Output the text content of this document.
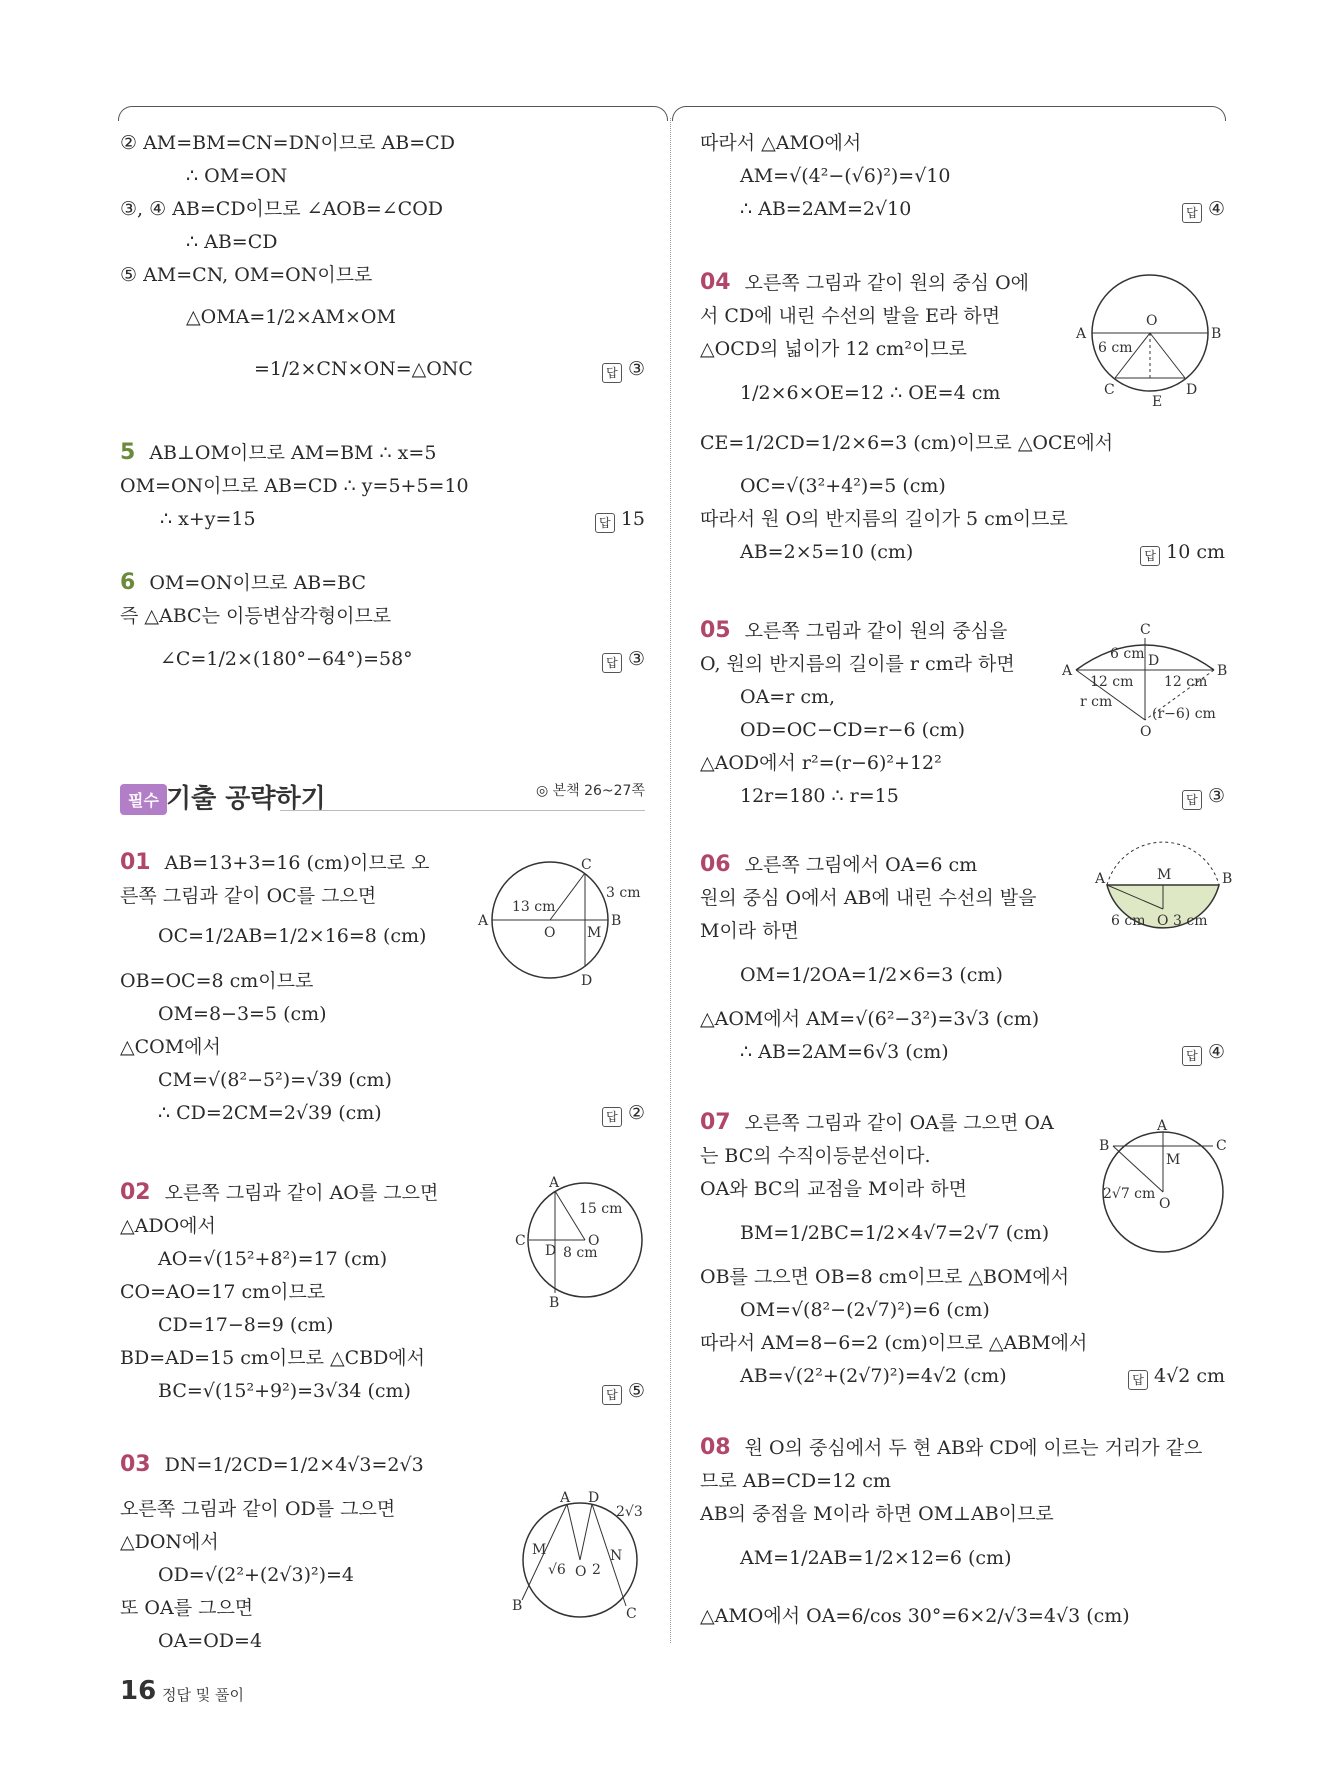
② AM=BM=CN=DN이므로 AB=CD
∴ OM=ON
③, ④ AB=CD이므로 ∠AOB=∠COD
∴ AB=CD
⑤ AM=CN, OM=ON이므로
△OMA=1/2×AM×OM
=1/2×CN×ON=△ONC	답 ③
5 AB⊥OM이므로 AM=BM ∴ x=5
OM=ON이므로 AB=CD ∴ y=5+5=10
∴ x+y=15	답 15
6 OM=ON이므로 AB=BC
즉 △ABC는 이등변삼각형이므로
∠C=1/2×(180°−64°)=58°	답 ③
01 AB=13+3=16 (cm)이므로 오
른쪽 그림과 같이 OC를 그으면
OC=1/2AB=1/2×16=8 (cm)
OB=OC=8 cm이므로
OM=8−3=5 (cm)
△COM에서
CM=√(8²−5²)=√39 (cm)
∴ CD=2CM=2√39 (cm)	답 ②
02 오른쪽 그림과 같이 AO를 그으면
△ADO에서
AO=√(15²+8²)=17 (cm)
CO=AO=17 cm이므로
CD=17−8=9 (cm)
BD=AD=15 cm이므로 △CBD에서
BC=√(15²+9²)=3√34 (cm)	답 ⑤
03 DN=1/2CD=1/2×4√3=2√3
오른쪽 그림과 같이 OD를 그으면
△DON에서
OD=√(2²+(2√3)²)=4
또 OA를 그으면
OA=OD=4
필수 기출 공략하기	◎ 본책 26~27쪽
따라서 △AMO에서
AM=√(4²−(√6)²)=√10
∴ AB=2AM=2√10	답 ④
04 오른쪽 그림과 같이 원의 중심 O에
서 CD에 내린 수선의 발을 E라 하면
△OCD의 넓이가 12 cm²이므로
1/2×6×OE=12 ∴ OE=4 cm
CE=1/2CD=1/2×6=3 (cm)이므로 △OCE에서
OC=√(3²+4²)=5 (cm)
따라서 원 O의 반지름의 길이가 5 cm이므로
AB=2×5=10 (cm)	답 10 cm
05 오른쪽 그림과 같이 원의 중심을
O, 원의 반지름의 길이를 r cm라 하면
OA=r cm,
OD=OC−CD=r−6 (cm)
△AOD에서 r²=(r−6)²+12²
12r=180 ∴ r=15	답 ③
06 오른쪽 그림에서 OA=6 cm
원의 중심 O에서 AB에 내린 수선의 발을
M이라 하면
OM=1/2OA=1/2×6=3 (cm)
△AOM에서 AM=√(6²−3²)=3√3 (cm)
∴ AB=2AM=6√3 (cm)	답 ④
07 오른쪽 그림과 같이 OA를 그으면 OA
는 BC의 수직이등분선이다.
OA와 BC의 교점을 M이라 하면
BM=1/2BC=1/2×4√7=2√7 (cm)
OB를 그으면 OB=8 cm이므로 △BOM에서
OM=√(8²−(2√7)²)=6 (cm)
따라서 AM=8−6=2 (cm)이므로 △ABM에서
AB=√(2²+(2√7)²)=4√2 (cm)	답 4√2 cm
08 원 O의 중심에서 두 현 AB와 CD에 이르는 거리가 같으
므로 AB=CD=12 cm
AB의 중점을 M이라 하면 OM⊥AB이므로
AM=1/2AB=1/2×12=6 (cm)
△AMO에서 OA=6/cos 30°=6×2/√3=4√3 (cm)
A	B
C
D
O M
13 cm
3 cm
A
B
C
D
O
15 cm
8 cm
A D
B	C
M	N
O
2√3
√6 2
A	B
O
C	D
E
6 cm
A	B
C
D
O
6 cm
12 cm 12 cm
r cm
(r−6) cm
A	B
M
O
6 cm 3 cm
A
B	C
M
O
2√7 cm
16 정답 및 풀이
